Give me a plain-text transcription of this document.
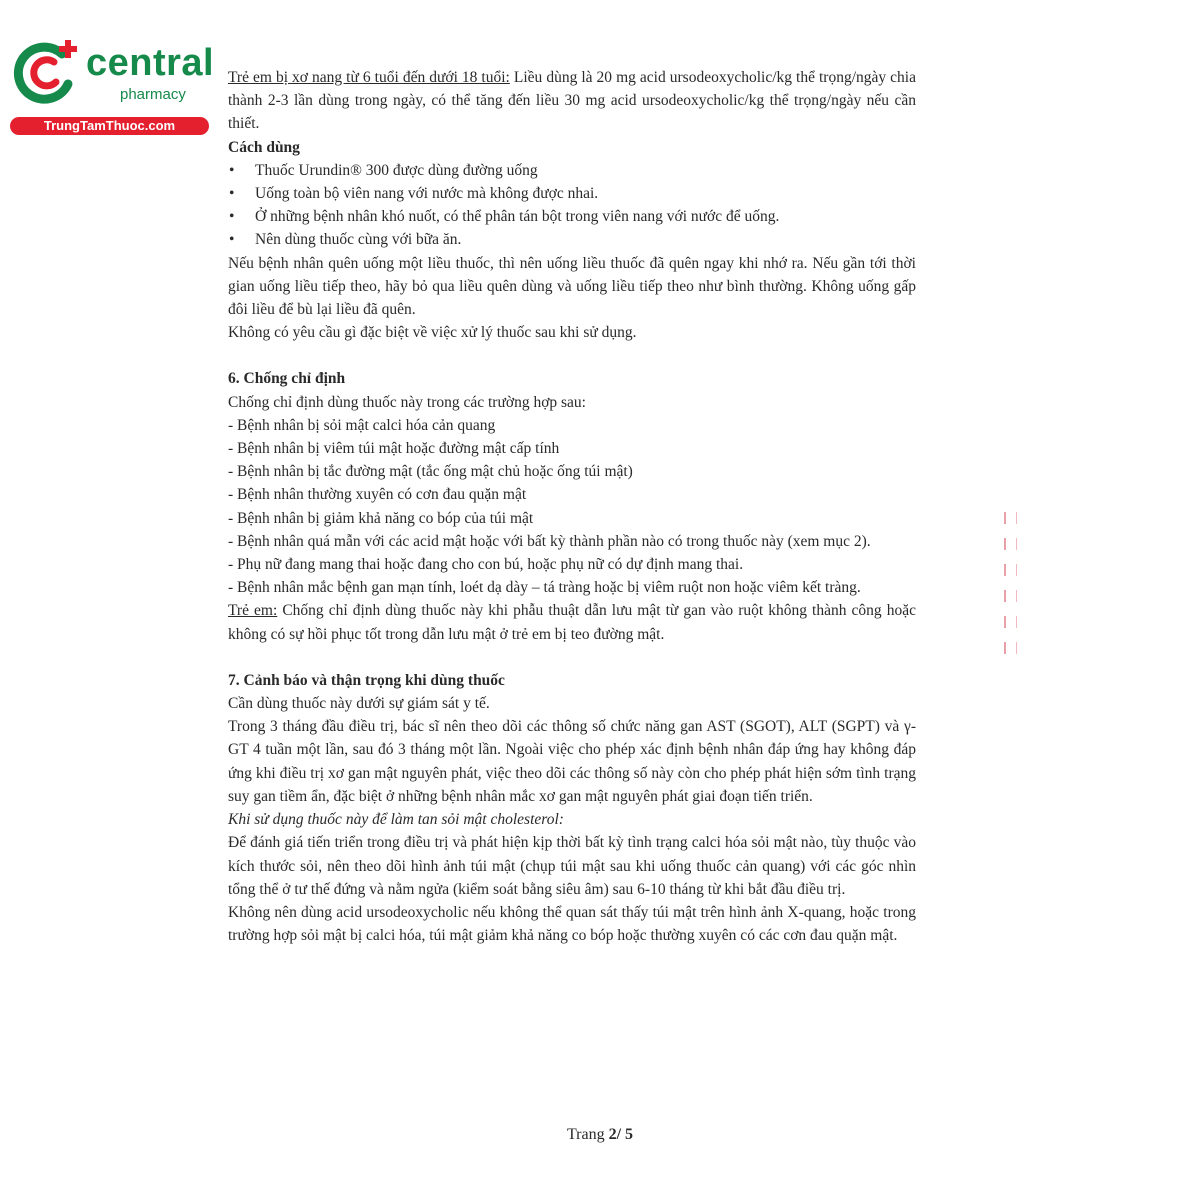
central
pharmacy
TrungTamThuoc.com

Trẻ em bị xơ nang từ 6 tuổi đến dưới 18 tuổi: Liều dùng là 20 mg acid ursodeoxycholic/kg thể trọng/ngày chia thành 2-3 lần dùng trong ngày, có thể tăng đến liều 30 mg acid ursodeoxycholic/kg thể trọng/ngày nếu cần thiết.

Cách dùng

• Thuốc Urundin® 300 được dùng đường uống
• Uống toàn bộ viên nang với nước mà không được nhai.
• Ở những bệnh nhân khó nuốt, có thể phân tán bột trong viên nang với nước để uống.
• Nên dùng thuốc cùng với bữa ăn.

Nếu bệnh nhân quên uống một liều thuốc, thì nên uống liều thuốc đã quên ngay khi nhớ ra. Nếu gần tới thời gian uống liều tiếp theo, hãy bỏ qua liều quên dùng và uống liều tiếp theo như bình thường. Không uống gấp đôi liều để bù lại liều đã quên.

Không có yêu cầu gì đặc biệt về việc xử lý thuốc sau khi sử dụng.

6. Chống chỉ định

Chống chỉ định dùng thuốc này trong các trường hợp sau:

- Bệnh nhân bị sỏi mật calci hóa cản quang

- Bệnh nhân bị viêm túi mật hoặc đường mật cấp tính

- Bệnh nhân bị tắc đường mật (tắc ống mật chủ hoặc ống túi mật)

- Bệnh nhân thường xuyên có cơn đau quặn mật

- Bệnh nhân bị giảm khả năng co bóp của túi mật

- Bệnh nhân quá mẫn với các acid mật hoặc với bất kỳ thành phần nào có trong thuốc này (xem mục 2).

- Phụ nữ đang mang thai hoặc đang cho con bú, hoặc phụ nữ có dự định mang thai.

- Bệnh nhân mắc bệnh gan mạn tính, loét dạ dày – tá tràng hoặc bị viêm ruột non hoặc viêm kết tràng.

Trẻ em: Chống chỉ định dùng thuốc này khi phẫu thuật dẫn lưu mật từ gan vào ruột không thành công hoặc không có sự hồi phục tốt trong dẫn lưu mật ở trẻ em bị teo đường mật.

7. Cảnh báo và thận trọng khi dùng thuốc

Cần dùng thuốc này dưới sự giám sát y tế.

Trong 3 tháng đầu điều trị, bác sĩ nên theo dõi các thông số chức năng gan AST (SGOT), ALT (SGPT) và γ-GT 4 tuần một lần, sau đó 3 tháng một lần. Ngoài việc cho phép xác định bệnh nhân đáp ứng hay không đáp ứng khi điều trị xơ gan mật nguyên phát, việc theo dõi các thông số này còn cho phép phát hiện sớm tình trạng suy gan tiềm ẩn, đặc biệt ở những bệnh nhân mắc xơ gan mật nguyên phát giai đoạn tiến triển.

Khi sử dụng thuốc này để làm tan sỏi mật cholesterol:

Để đánh giá tiến triển trong điều trị và phát hiện kịp thời bất kỳ tình trạng calci hóa sỏi mật nào, tùy thuộc vào kích thước sỏi, nên theo dõi hình ảnh túi mật (chụp túi mật sau khi uống thuốc cản quang) với các góc nhìn tổng thể ở tư thế đứng và nằm ngửa (kiểm soát bằng siêu âm) sau 6-10 tháng từ khi bắt đầu điều trị.

Không nên dùng acid ursodeoxycholic nếu không thể quan sát thấy túi mật trên hình ảnh X-quang, hoặc trong trường hợp sỏi mật bị calci hóa, túi mật giảm khả năng co bóp hoặc thường xuyên có các cơn đau quặn mật.

Trang 2/ 5
